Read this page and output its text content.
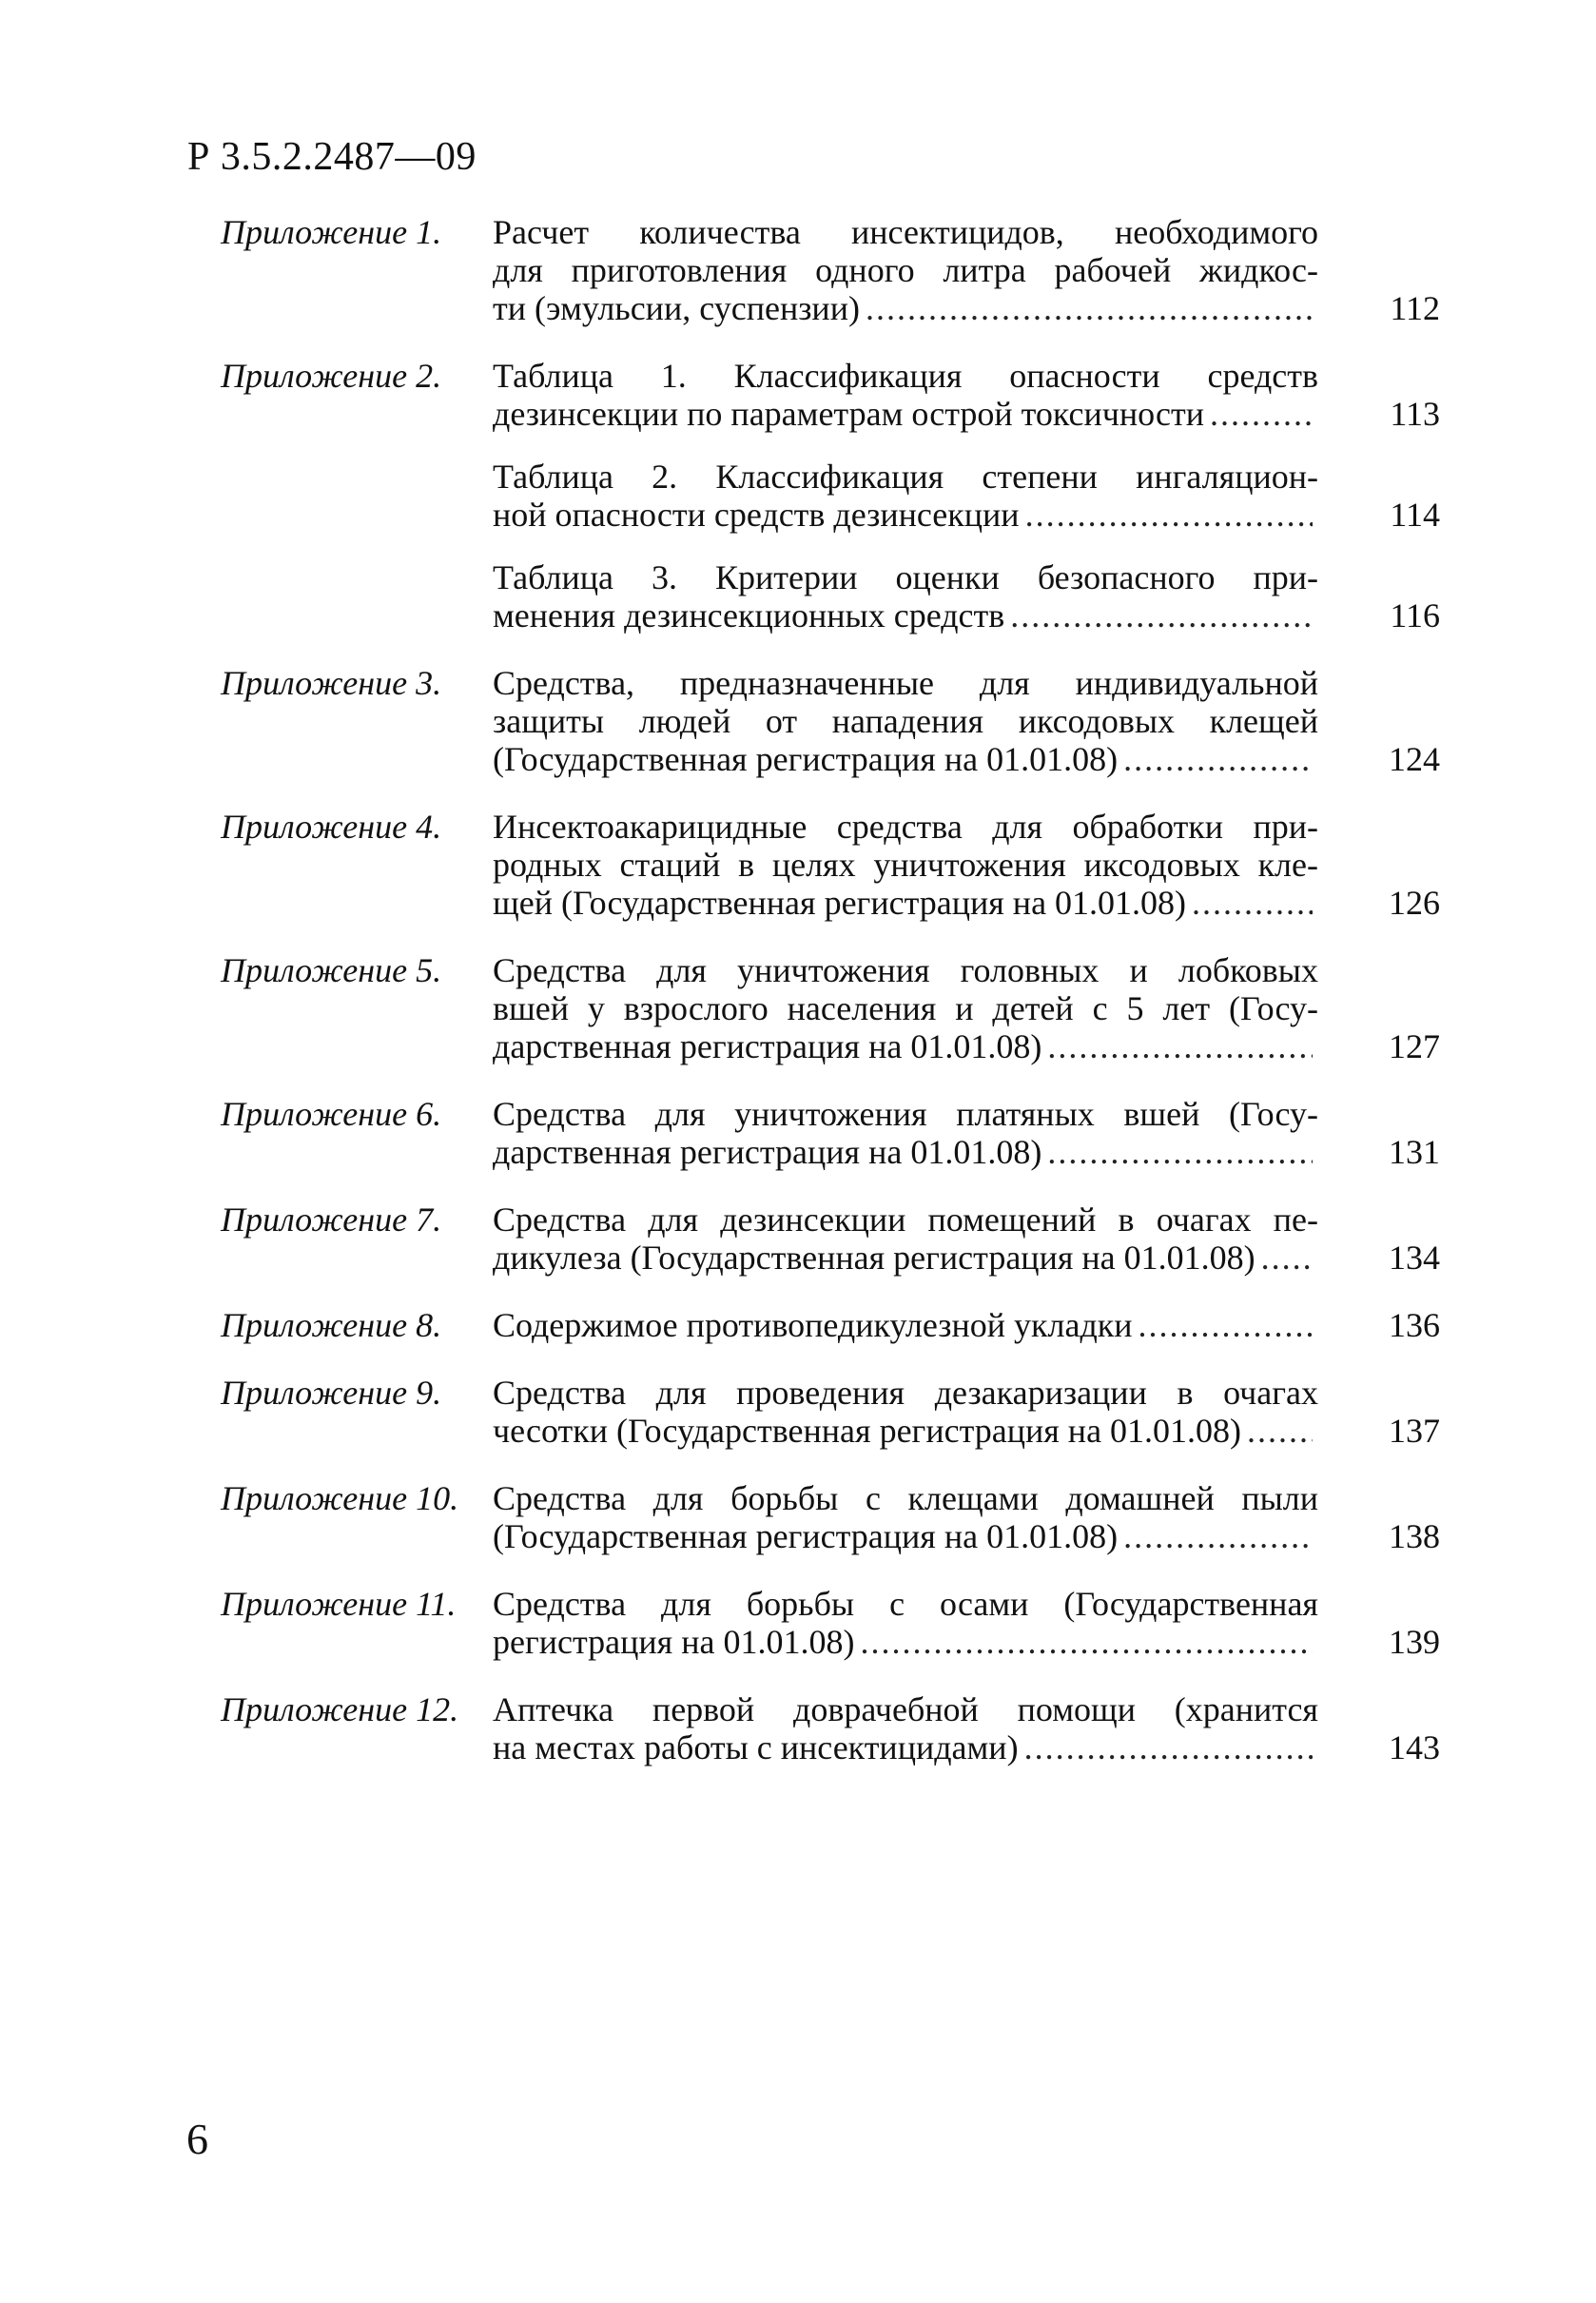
Р 3.5.2.2487—09
Приложение 1.	Расчет количества инсектицидов, необходимого
для приготовления одного литра рабочей жидкос-
ти (эмульсии, суспензии) .....	112
Приложение 2.	Таблица 1. Классификация опасности средств
дезинсекции по параметрам острой токсичности .....	113
Таблица 2. Классификация степени ингаляцион-
ной опасности средств дезинсекции .....	114
Таблица 3. Критерии оценки безопасного при-
менения дезинсекционных средств .....	116
Приложение 3.	Средства, предназначенные для индивидуальной
защиты людей от нападения иксодовых клещей
(Государственная регистрация на 01.01.08) .....	124
Приложение 4.	Инсектоакарицидные средства для обработки при-
родных стаций в целях уничтожения иксодовых кле-
щей (Государственная регистрация на 01.01.08) .....	126
Приложение 5.	Средства для уничтожения головных и лобковых
вшей у взрослого населения и детей с 5 лет (Госу-
дарственная регистрация на 01.01.08) .....	127
Приложение 6.	Средства для уничтожения платяных вшей (Госу-
дарственная регистрация на 01.01.08) .....	131
Приложение 7.	Средства для дезинсекции помещений в очагах пе-
дикулеза (Государственная регистрация на 01.01.08) .....	134
Приложение 8.	Содержимое противопедикулезной укладки .....	136
Приложение 9.	Средства для проведения дезакаризации в очагах
чесотки (Государственная регистрация на 01.01.08) .....	137
Приложение 10. Средства для борьбы с клещами домашней пыли
(Государственная регистрация на 01.01.08) .....	138
Приложение 11.	Средства для борьбы с осами (Государственная
регистрация на 01.01.08) .....	139
Приложение 12. Аптечка первой доврачебной помощи (хранится
на местах работы с инсектицидами) .....	143
6
